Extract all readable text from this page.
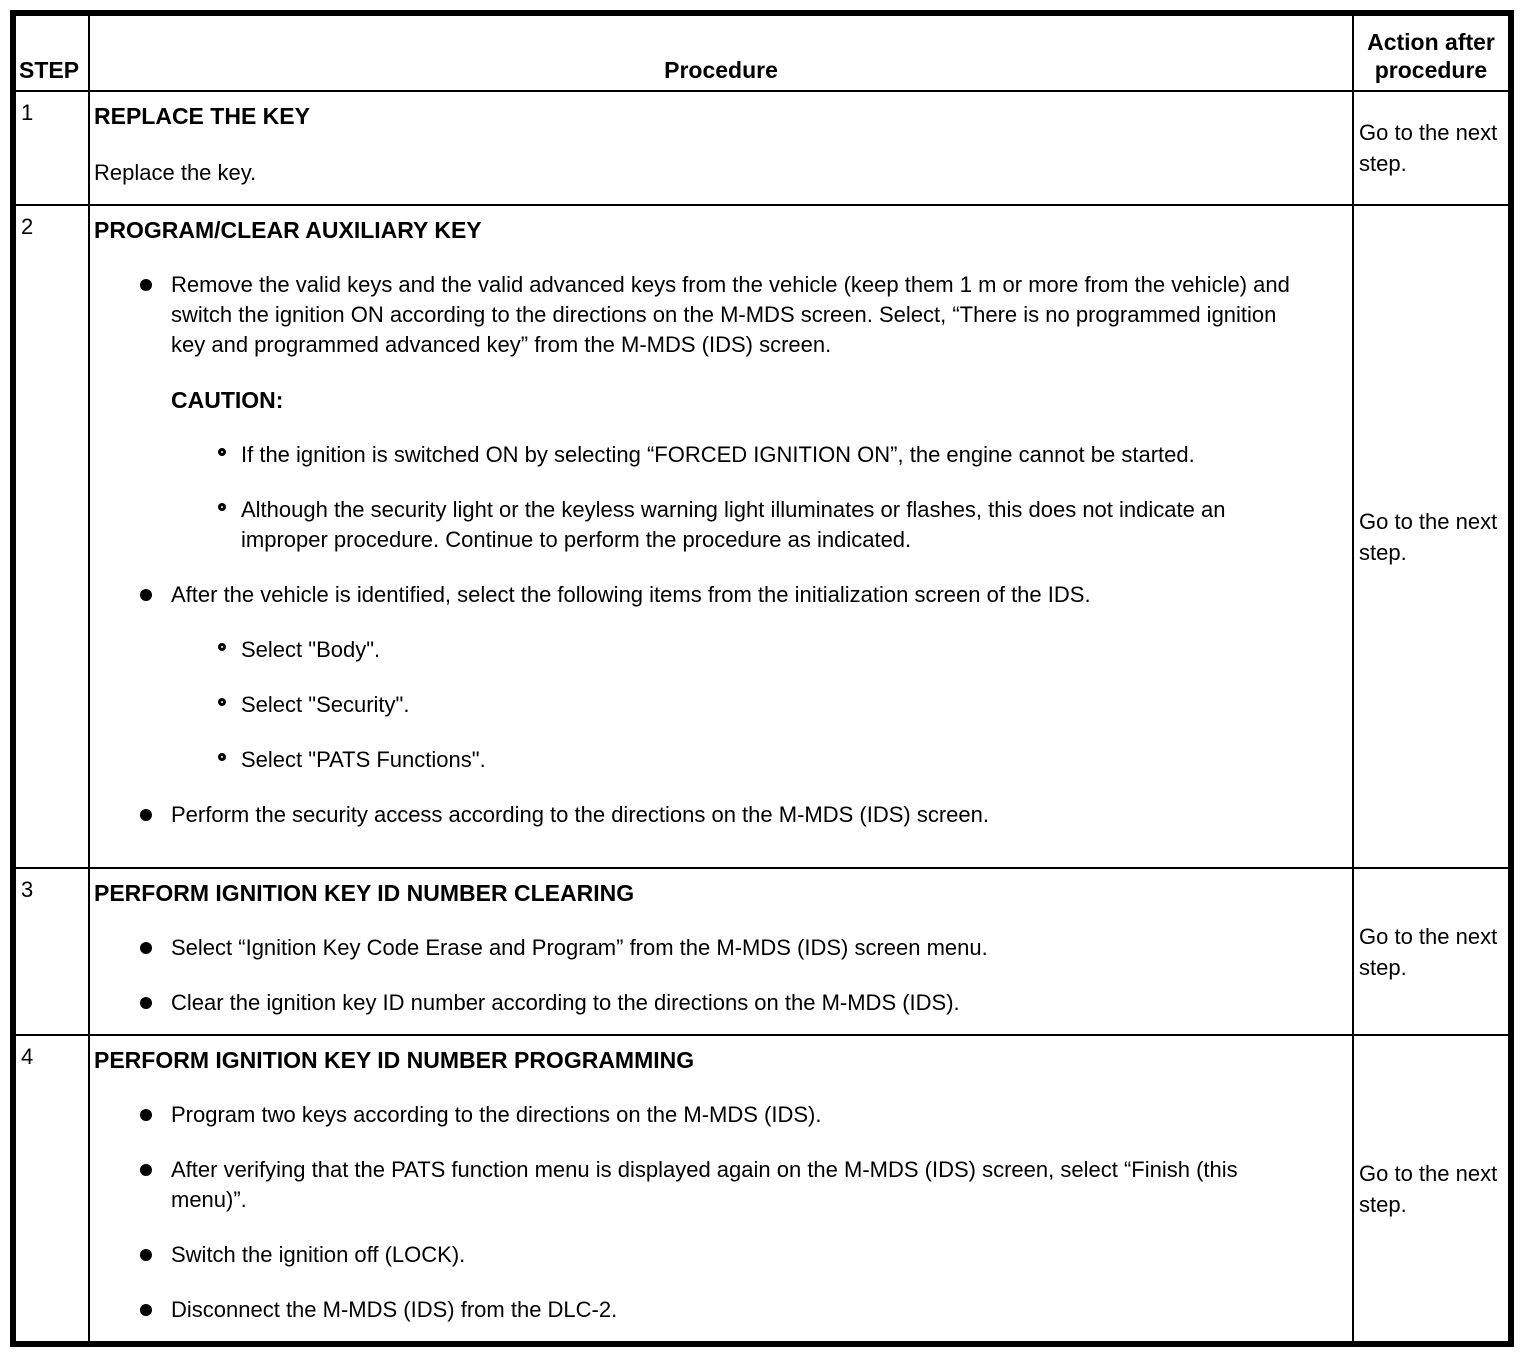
STEP	Procedure	Action after procedure
1	REPLACE THE KEY
Replace the key.	Go to the next step.
2	PROGRAM/CLEAR AUXILIARY KEY
Remove the valid keys and the valid advanced keys from the vehicle (keep them 1 m or more from the vehicle) and switch the ignition ON according to the directions on the M-MDS screen. Select, “There is no programmed ignition key and programmed advanced key” from the M-MDS (IDS) screen.
CAUTION:
If the ignition is switched ON by selecting “FORCED IGNITION ON”, the engine cannot be started.
Although the security light or the keyless warning light illuminates or flashes, this does not indicate an improper procedure. Continue to perform the procedure as indicated.
After the vehicle is identified, select the following items from the initialization screen of the IDS.
Select "Body".
Select "Security".
Select "PATS Functions".
Perform the security access according to the directions on the M-MDS (IDS) screen.
	Go to the next step.
3	PERFORM IGNITION KEY ID NUMBER CLEARING
Select “Ignition Key Code Erase and Program” from the M-MDS (IDS) screen menu.
Clear the ignition key ID number according to the directions on the M-MDS (IDS).	Go to the next step.
4	PERFORM IGNITION KEY ID NUMBER PROGRAMMING
Program two keys according to the directions on the M-MDS (IDS).
After verifying that the PATS function menu is displayed again on the M-MDS (IDS) screen, select “Finish (this menu)”.
Switch the ignition off (LOCK).
Disconnect the M-MDS (IDS) from the DLC-2.	Go to the next step.
